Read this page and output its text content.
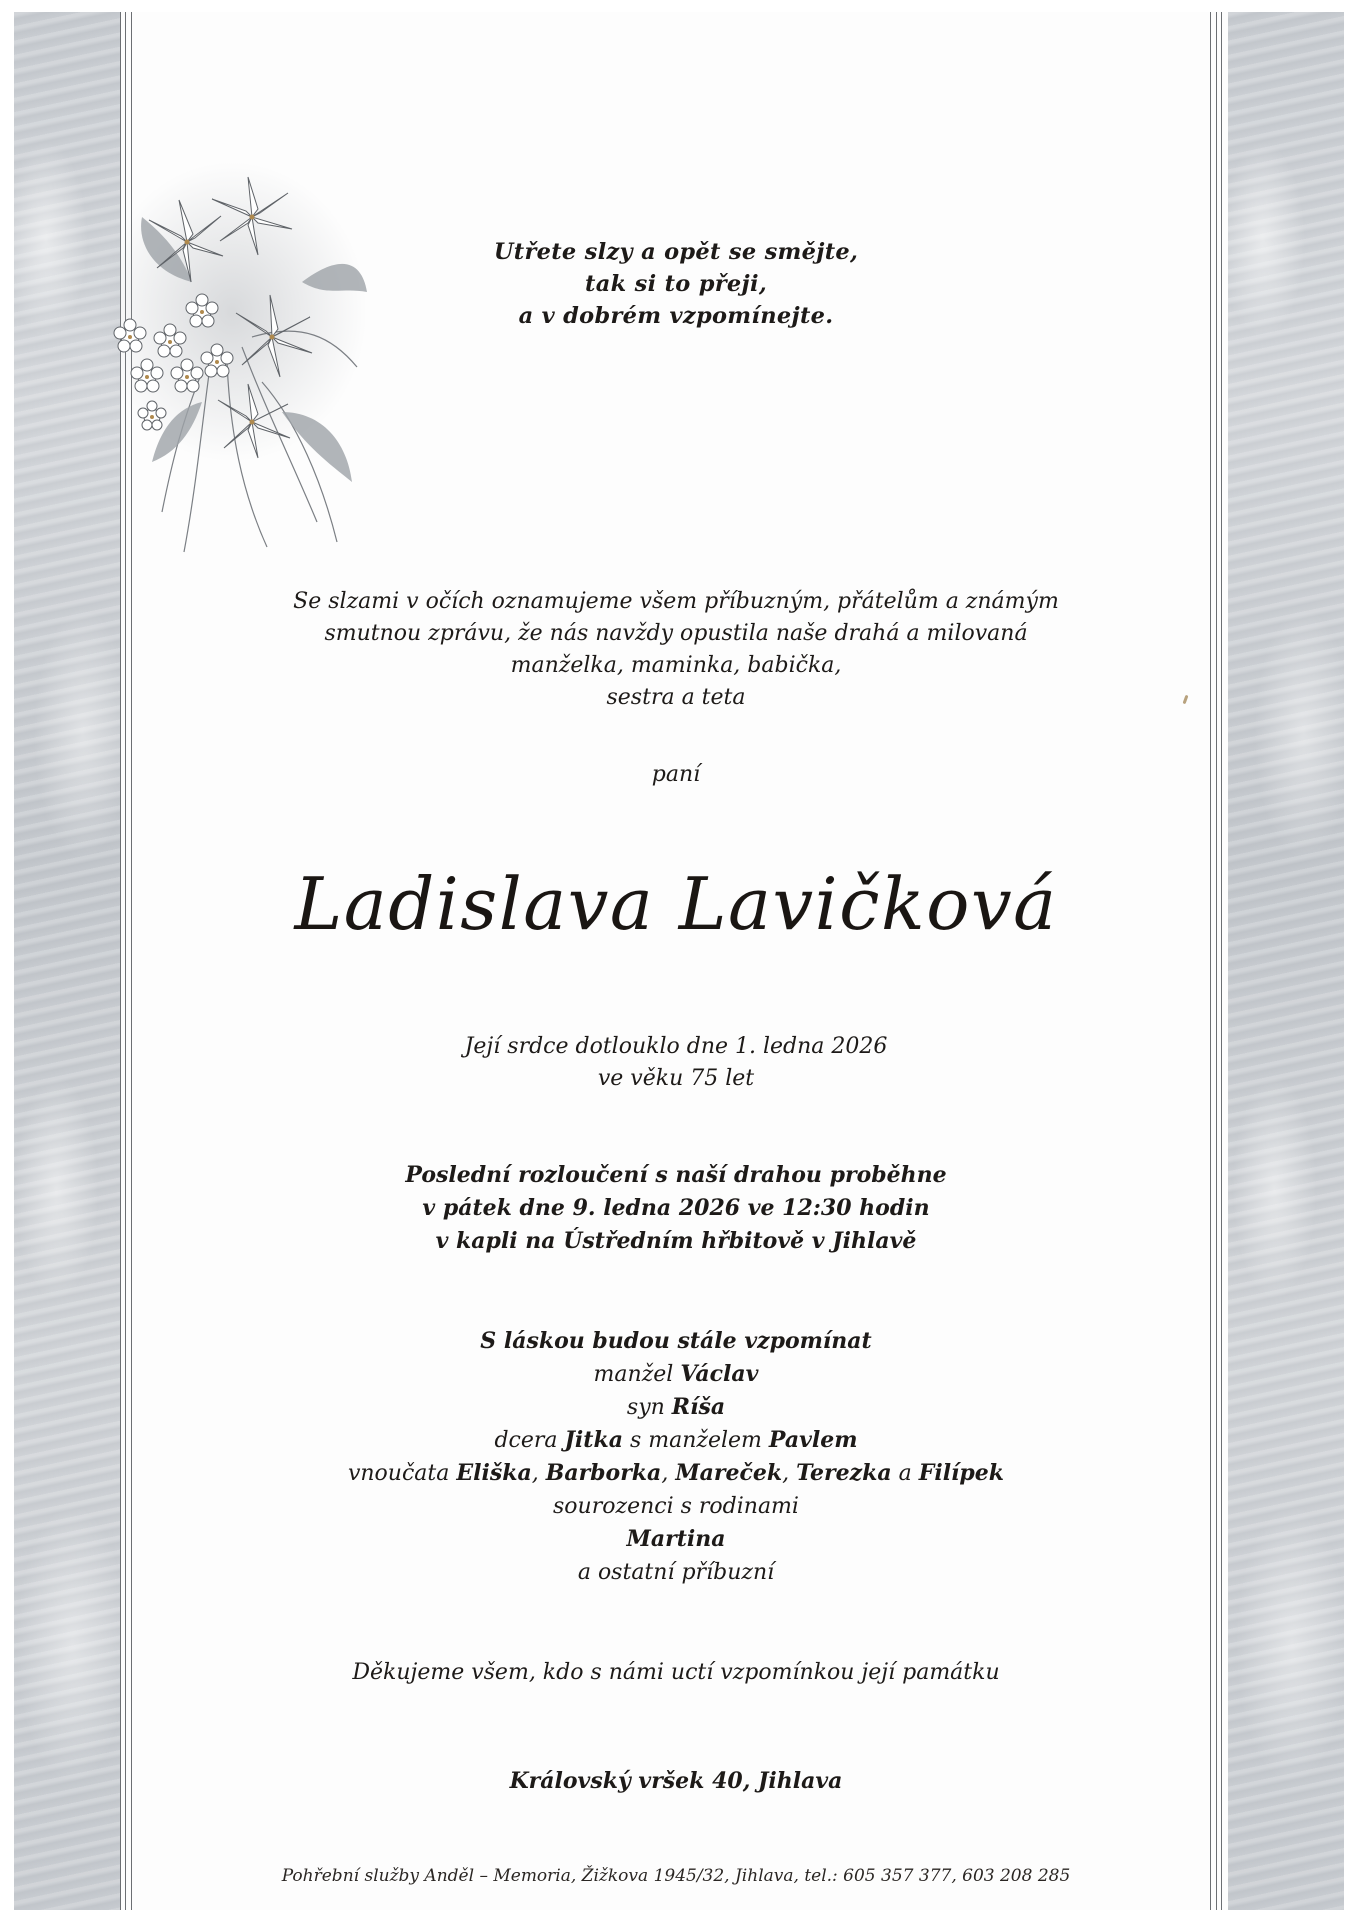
Utřete slzy a opět se smějte,
tak si to přeji,
a v dobrém vzpomínejte.
Se slzami v očích oznamujeme všem příbuzným, přátelům a známým
smutnou zprávu, že nás navždy opustila naše drahá a milovaná
manželka, maminka, babička,
sestra a teta
paní
Ladislava Lavičková
Její srdce dotlouklo dne 1. ledna 2026
ve věku 75 let
Poslední rozloučení s naší drahou proběhne
v pátek dne 9. ledna 2026 ve 12:30 hodin
v kapli na Ústředním hřbitově v Jihlavě
S láskou budou stále vzpomínat
manžel Václav
syn Ríša
dcera Jitka s manželem Pavlem
vnoučata Eliška, Barborka, Mareček, Terezka a Filípek
sourozenci s rodinami
Martina
a ostatní příbuzní
Děkujeme všem, kdo s námi uctí vzpomínkou její památku
Královský vršek 40, Jihlava
Pohřební služby Anděl – Memoria, Žižkova 1945/32, Jihlava, tel.: 605 357 377, 603 208 285
